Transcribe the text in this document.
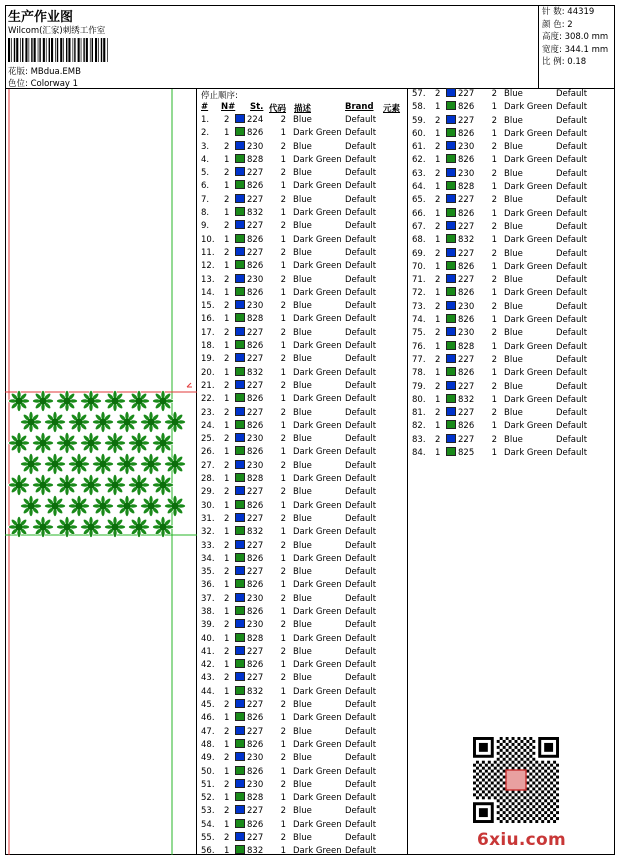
生产作业图
Wilcom(汇家)刺绣工作室
花版: MBdua.EMB
色位: Colorway 1
针 数: 44319
颜 色: 2
高度: 308.0 mm
宽度: 344.1 mm
比 例: 0.18
停止顺序:
# N# St. 代码 描述	Brand 元素
1.	2	224	2 Blue	Default
2.	1	826	1 Dark Green Default
3.	2	230	2 Blue	Default
4.	1	828	1 Dark Green Default
5.	2	227	2 Blue	Default
6.	1	826	1 Dark Green Default
7.	2	227	2 Blue	Default
8.	1	832	1 Dark Green Default
9.	2	227	2 Blue	Default
10.	1	826	1 Dark Green Default
11.	2	227	2 Blue	Default
12.	1	826	1 Dark Green Default
13.	2	230	2 Blue	Default
14.	1	826	1 Dark Green Default
15.	2	230	2 Blue	Default
16.	1	828	1 Dark Green Default
17.	2	227	2 Blue	Default
18.	1	826	1 Dark Green Default
19.	2	227	2 Blue	Default
20.	1	832	1 Dark Green Default
21.	2	227	2 Blue	Default
22.	1	826	1 Dark Green Default
23.	2	227	2 Blue	Default
24.	1	826	1 Dark Green Default
25.	2	230	2 Blue	Default
26.	1	826	1 Dark Green Default
27.	2	230	2 Blue	Default
28.	1	828	1 Dark Green Default
29.	2	227	2 Blue	Default
30.	1	826	1 Dark Green Default
31.	2	227	2 Blue	Default
32.	1	832	1 Dark Green Default
33.	2	227	2 Blue	Default
34.	1	826	1 Dark Green Default
35.	2	227	2 Blue	Default
36.	1	826	1 Dark Green Default
37.	2	230	2 Blue	Default
38.	1	826	1 Dark Green Default
39.	2	230	2 Blue	Default
40.	1	828	1 Dark Green Default
41.	2	227	2 Blue	Default
42.	1	826	1 Dark Green Default
43.	2	227	2 Blue	Default
44.	1	832	1 Dark Green Default
45.	2	227	2 Blue	Default
46.	1	826	1 Dark Green Default
47.	2	227	2 Blue	Default
48.	1	826	1 Dark Green Default
49.	2	230	2 Blue	Default
50.	1	826	1 Dark Green Default
51.	2	230	2 Blue	Default
52.	1	828	1 Dark Green Default
53.	2	227	2 Blue	Default
54.	1	826	1 Dark Green Default
55.	2	227	2 Blue	Default
56.	1	832	1 Dark Green Default
57.	2	227	2 Blue	Default
58.	1	826	1 Dark Green Default
59.	2	227	2 Blue	Default
60.	1	826	1 Dark Green Default
61.	2	230	2 Blue	Default
62.	1	826	1 Dark Green Default
63.	2	230	2 Blue	Default
64.	1	828	1 Dark Green Default
65.	2	227	2 Blue	Default
66.	1	826	1 Dark Green Default
67.	2	227	2 Blue	Default
68.	1	832	1 Dark Green Default
69.	2	227	2 Blue	Default
70.	1	826	1 Dark Green Default
71.	2	227	2 Blue	Default
72.	1	826	1 Dark Green Default
73.	2	230	2 Blue	Default
74.	1	826	1 Dark Green Default
75.	2	230	2 Blue	Default
76.	1	828	1 Dark Green Default
77.	2	227	2 Blue	Default
78.	1	826	1 Dark Green Default
79.	2	227	2 Blue	Default
80.	1	832	1 Dark Green Default
81.	2	227	2 Blue	Default
82.	1	826	1 Dark Green Default
83.	2	227	2 Blue	Default
84.	1	825	1 Dark Green Default
6xiu.com
